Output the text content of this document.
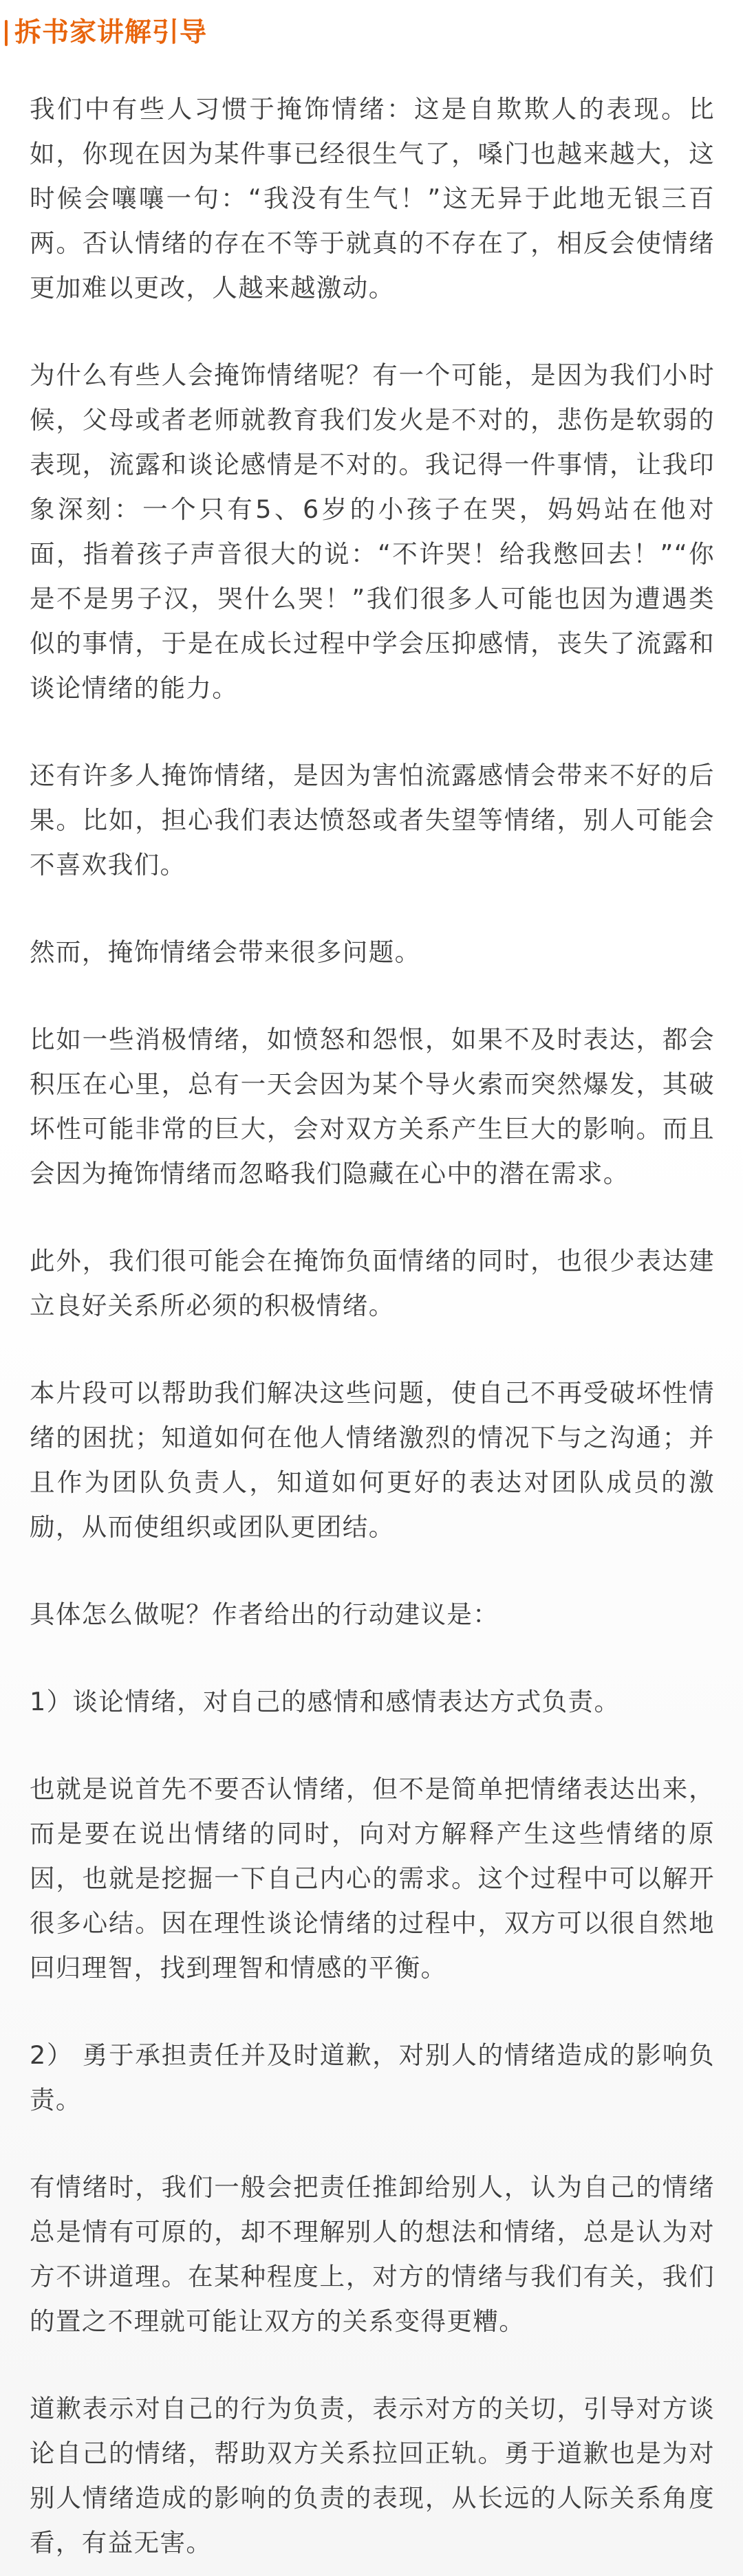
拆书家讲解引导

我们中有些人习惯于掩饰情绪：这是自欺欺人的表现。比如，你现在因为某件事已经很生气了，嗓门也越来越大，这时候会嚷嚷一句：“我没有生气！”这无异于此地无银三百两。否认情绪的存在不等于就真的不存在了，相反会使情绪更加难以更改，人越来越激动。

为什么有些人会掩饰情绪呢？有一个可能，是因为我们小时候，父母或者老师就教育我们发火是不对的，悲伤是软弱的表现，流露和谈论感情是不对的。我记得一件事情，让我印象深刻：一个只有5、6岁的小孩子在哭，妈妈站在他对面，指着孩子声音很大的说：“不许哭！给我憋回去！”“你是不是男子汉，哭什么哭！”我们很多人可能也因为遭遇类似的事情，于是在成长过程中学会压抑感情，丧失了流露和谈论情绪的能力。

还有许多人掩饰情绪，是因为害怕流露感情会带来不好的后果。比如，担心我们表达愤怒或者失望等情绪，别人可能会不喜欢我们。

然而，掩饰情绪会带来很多问题。

比如一些消极情绪，如愤怒和怨恨，如果不及时表达，都会积压在心里，总有一天会因为某个导火索而突然爆发，其破坏性可能非常的巨大，会对双方关系产生巨大的影响。而且会因为掩饰情绪而忽略我们隐藏在心中的潜在需求。

此外，我们很可能会在掩饰负面情绪的同时，也很少表达建立良好关系所必须的积极情绪。

本片段可以帮助我们解决这些问题，使自己不再受破坏性情绪的困扰；知道如何在他人情绪激烈的情况下与之沟通；并且作为团队负责人，知道如何更好的表达对团队成员的激励，从而使组织或团队更团结。

具体怎么做呢？作者给出的行动建议是：

1）谈论情绪，对自己的感情和感情表达方式负责。

也就是说首先不要否认情绪，但不是简单把情绪表达出来，而是要在说出情绪的同时，向对方解释产生这些情绪的原因，也就是挖掘一下自己内心的需求。这个过程中可以解开很多心结。因在理性谈论情绪的过程中，双方可以很自然地回归理智，找到理智和情感的平衡。

2） 勇于承担责任并及时道歉，对别人的情绪造成的影响负责。

有情绪时，我们一般会把责任推卸给别人，认为自己的情绪总是情有可原的，却不理解别人的想法和情绪，总是认为对方不讲道理。在某种程度上，对方的情绪与我们有关，我们的置之不理就可能让双方的关系变得更糟。

道歉表示对自己的行为负责，表示对方的关切，引导对方谈论自己的情绪，帮助双方关系拉回正轨。勇于道歉也是为对别人情绪造成的影响的负责的表现，从长远的人际关系角度看，有益无害。
